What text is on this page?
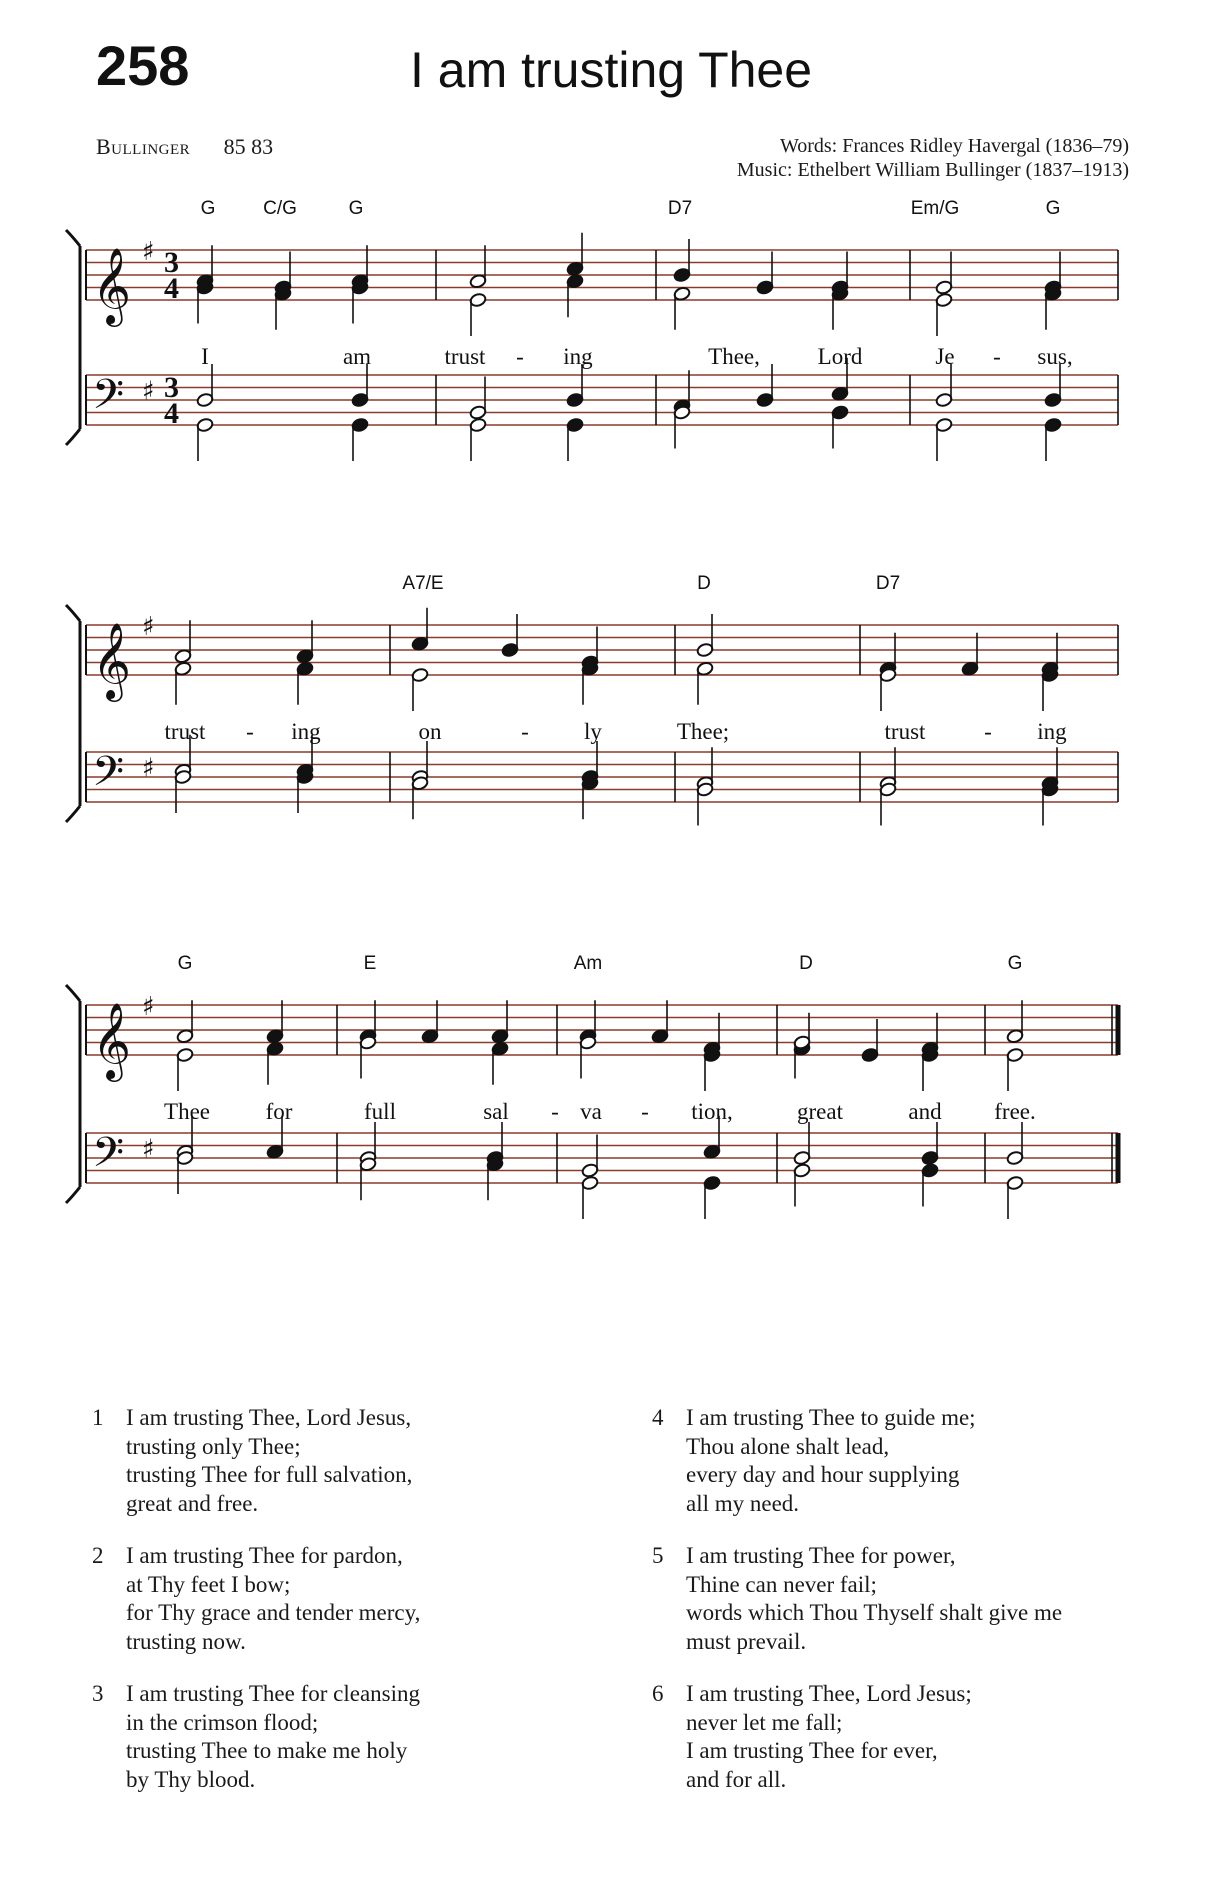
258	I am trusting Thee
Bullinger 85 83	Words: Frances Ridley Havergal (1836–79)
Music: Ethelbert William Bullinger (1837–1913)
𝄞 ♯ 3
4
𝄢 ♯ 3
4
G	C/G	G	D7	Em/G	G
I	am	trust - ing	Thee,	Lord	Je - sus,
𝄞 ♯
𝄢 ♯
A7/E	D	D7
trust - ing	on	- ly	Thee;	trust	- ing
𝄞 ♯
𝄢 ♯
G	E	Am	D	G
Thee for	full	sal - va - tion,	great	and free.
1 I am trusting Thee, Lord Jesus,
trusting only Thee;
trusting Thee for full salvation,
great and free.
2 I am trusting Thee for pardon,
at Thy feet I bow;
for Thy grace and tender mercy,
trusting now.
3 I am trusting Thee for cleansing
in the crimson flood;
trusting Thee to make me holy
by Thy blood.
4 I am trusting Thee to guide me;
Thou alone shalt lead,
every day and hour supplying
all my need.
5 I am trusting Thee for power,
Thine can never fail;
words which Thou Thyself shalt give me
must prevail.
6 I am trusting Thee, Lord Jesus;
never let me fall;
I am trusting Thee for ever,
and for all.
